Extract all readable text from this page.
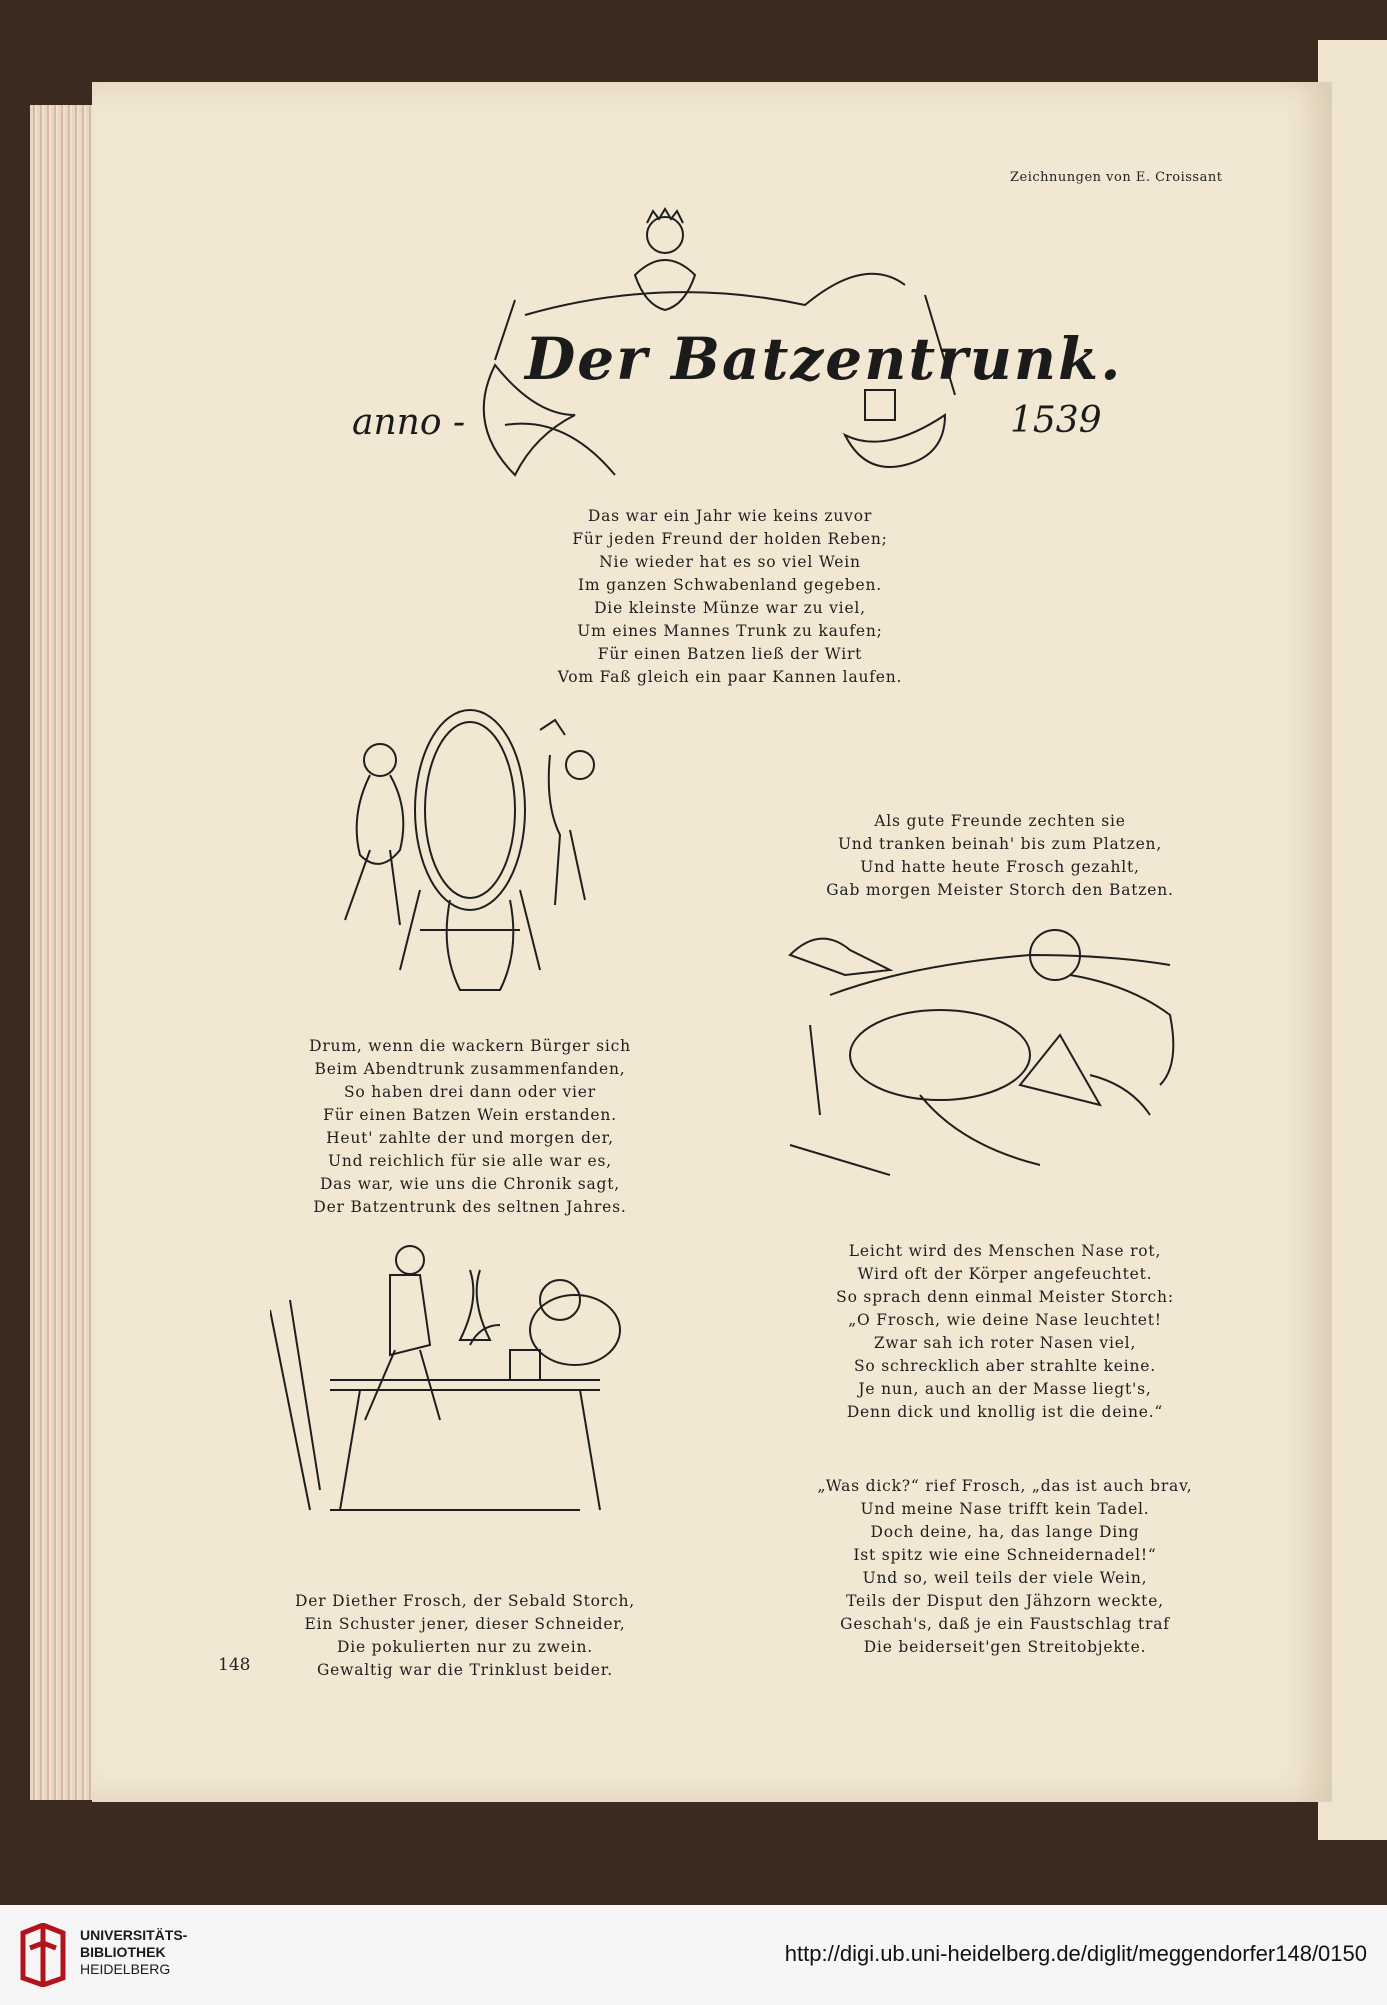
Zeichnungen von E. Croissant
Der Batzentrunk.
anno -	1539
Das war ein Jahr wie keins zuvor
Für jeden Freund der holden Reben;
Nie wieder hat es so viel Wein
Im ganzen Schwabenland gegeben.
Die kleinste Münze war zu viel,
Um eines Mannes Trunk zu kaufen;
Für einen Batzen ließ der Wirt
Vom Faß gleich ein paar Kannen laufen.
Als gute Freunde zechten sie
Und tranken beinah' bis zum Platzen,
Und hatte heute Frosch gezahlt,
Gab morgen Meister Storch den Batzen.
Drum, wenn die wackern Bürger sich
Beim Abendtrunk zusammenfanden,
So haben drei dann oder vier
Für einen Batzen Wein erstanden.
Heut' zahlte der und morgen der,
Und reichlich für sie alle war es,
Das war, wie uns die Chronik sagt,
Der Batzentrunk des seltnen Jahres.
Leicht wird des Menschen Nase rot,
Wird oft der Körper angefeuchtet.
So sprach denn einmal Meister Storch:
„O Frosch, wie deine Nase leuchtet!
Zwar sah ich roter Nasen viel,
So schrecklich aber strahlte keine.
Je nun, auch an der Masse liegt's,
Denn dick und knollig ist die deine.“
„Was dick?“ rief Frosch, „das ist auch brav,
Und meine Nase trifft kein Tadel.
Doch deine, ha, das lange Ding
Ist spitz wie eine Schneidernadel!“
Und so, weil teils der viele Wein,
Teils der Disput den Jähzorn weckte,
Geschah's, daß je ein Faustschlag traf
Die beiderseit'gen Streitobjekte.
Der Diether Frosch, der Sebald Storch,
Ein Schuster jener, dieser Schneider,
Die pokulierten nur zu zwein.
Gewaltig war die Trinklust beider.
148
UNIVERSITÄTS-
BIBLIOTHEK
HEIDELBERG
http://digi.ub.uni-heidelberg.de/diglit/meggendorfer148/0150
